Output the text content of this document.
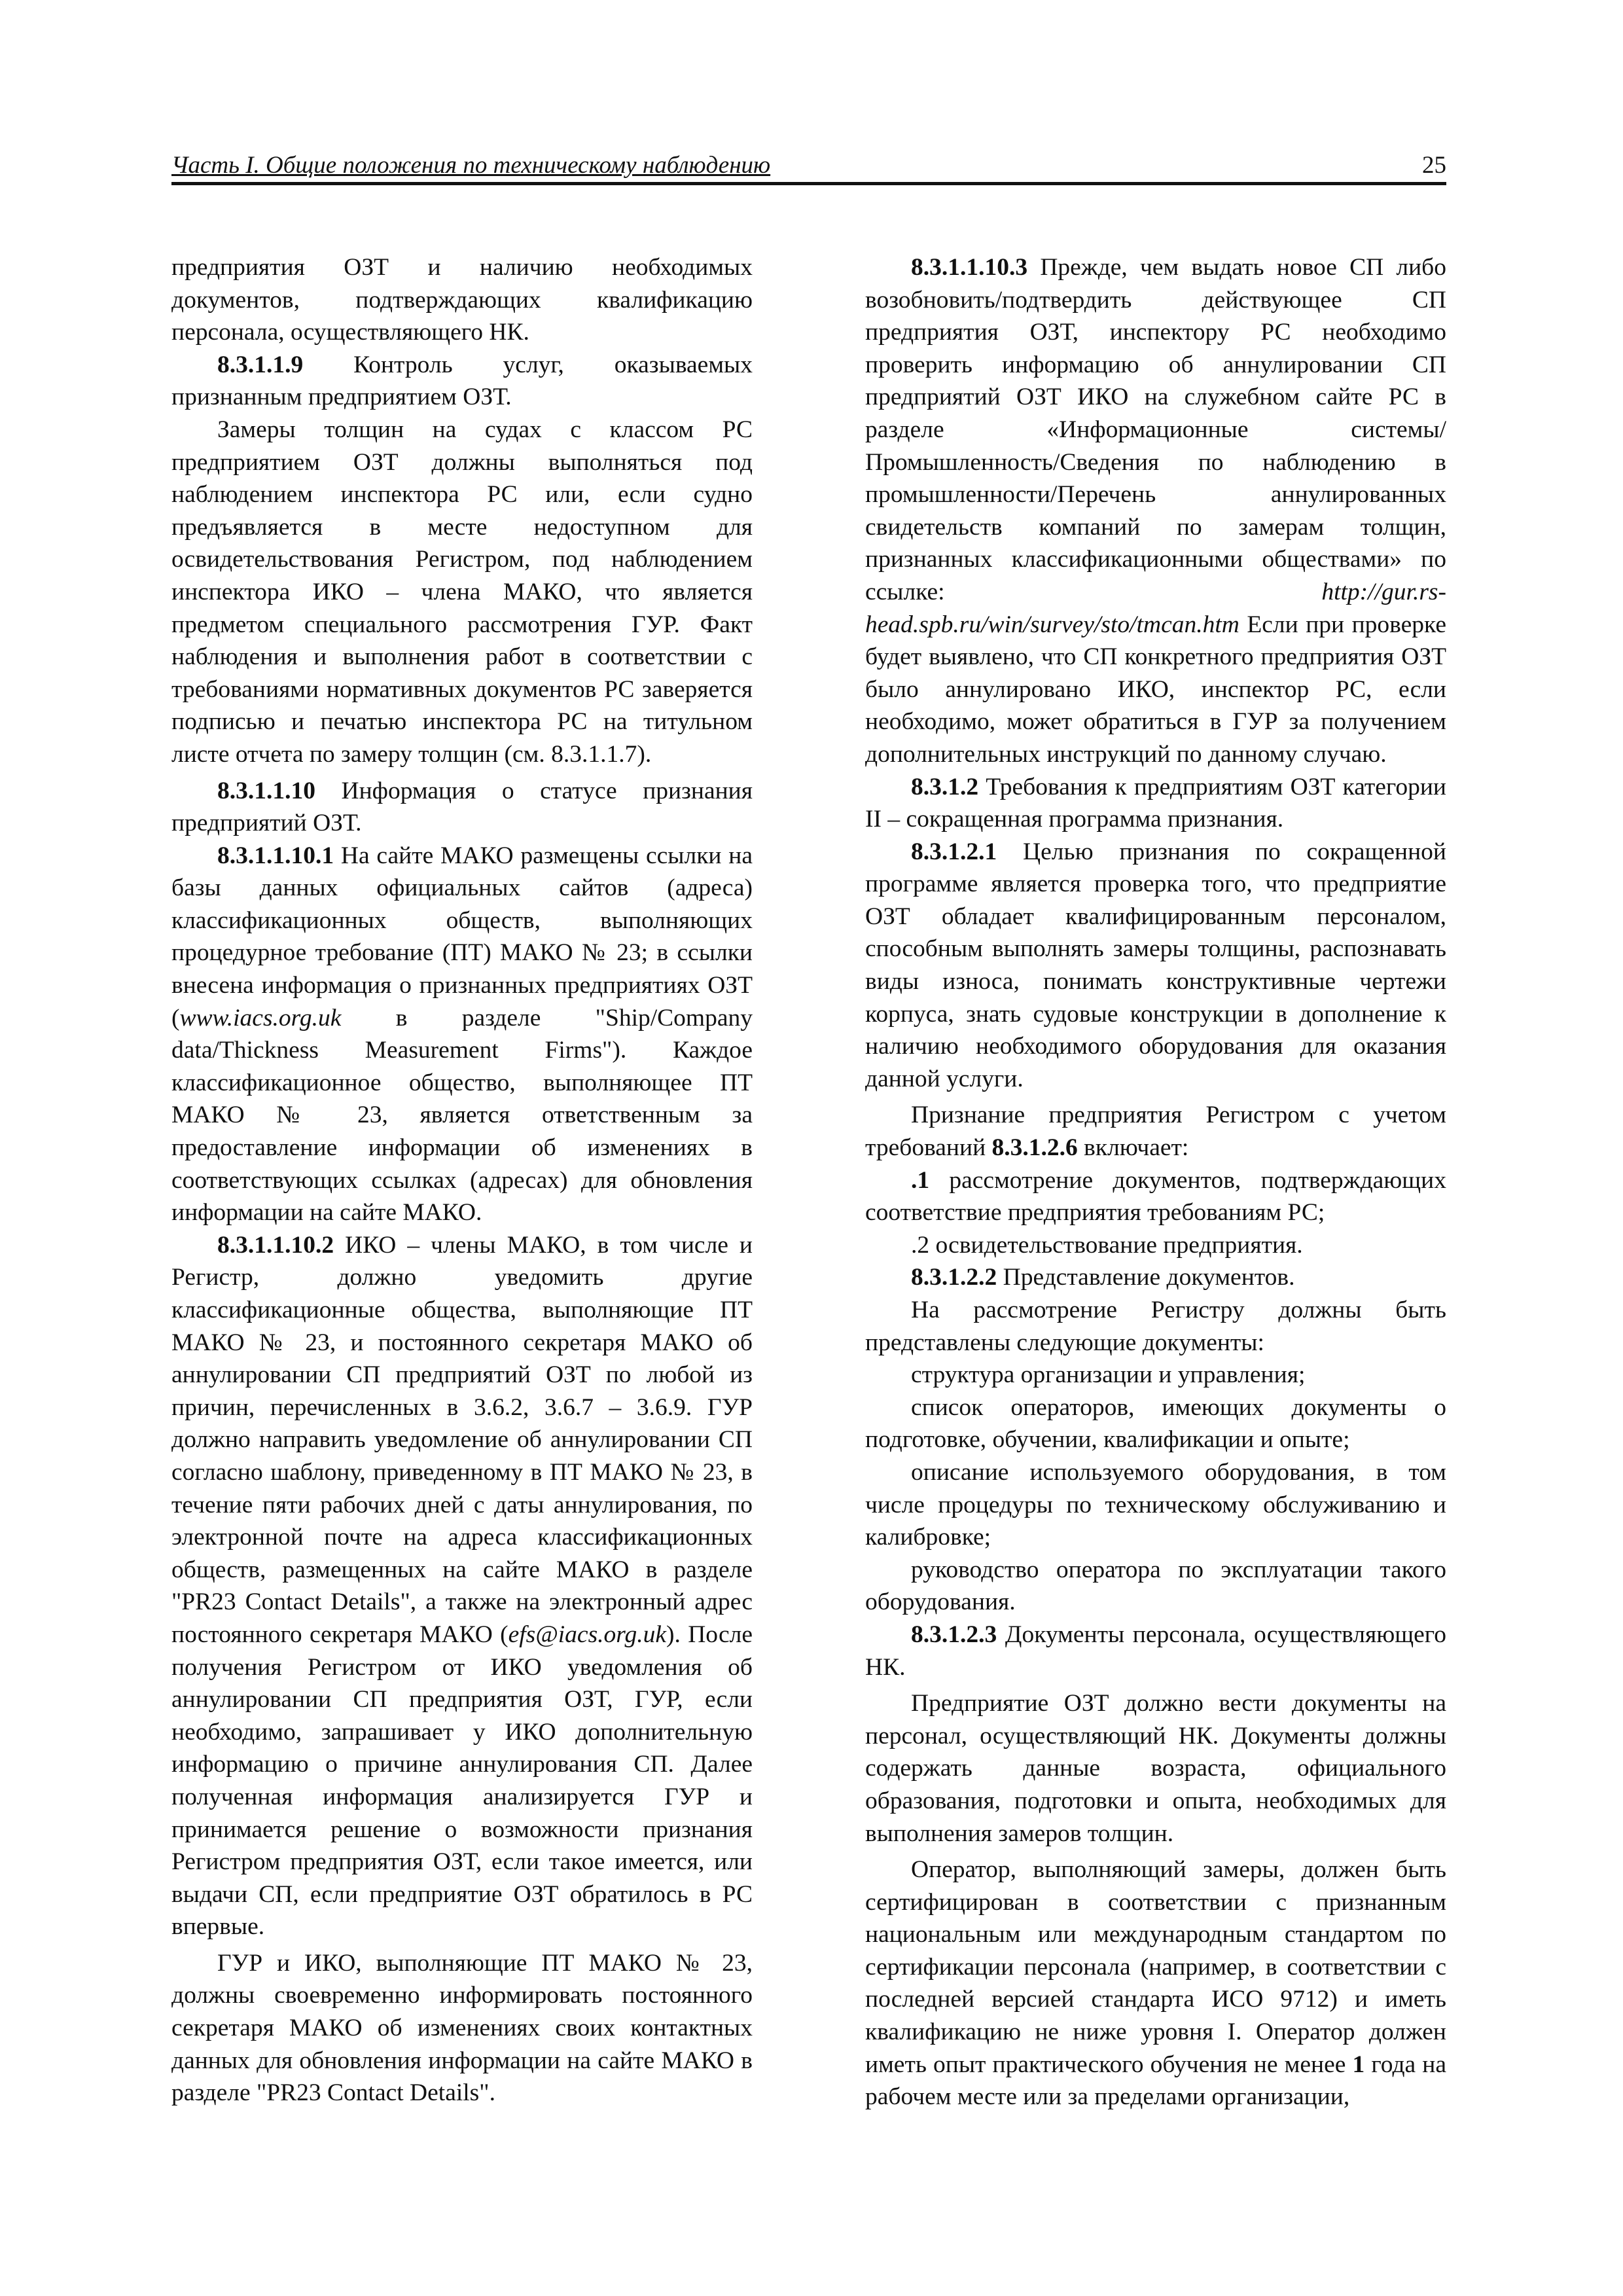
Часть I. Общие положения по техническому наблюдению	25

предприятия ОЗТ и наличию необходимых документов, подтверждающих квалификацию персонала, осуществляющего НК.

8.3.1.1.9 Контроль услуг, оказываемых признанным предприятием ОЗТ.

Замеры толщин на судах с классом РС предприятием ОЗТ должны выполняться под наблюдением инспектора РС или, если судно предъявляется в месте недоступном для освидетельствования Регистром, под наблюдением инспектора ИКО – члена МАКО, что является предметом специального рассмотрения ГУР. Факт наблюдения и выполнения работ в соответствии с требованиями нормативных документов РС заверяется подписью и печатью инспектора РС на титульном листе отчета по замеру толщин (см. 8.3.1.1.7).

8.3.1.1.10 Информация о статусе признания предприятий ОЗТ.

8.3.1.1.10.1 На сайте МАКО размещены ссылки на базы данных официальных сайтов (адреса) классификационных обществ, выполняющих процедурное требование (ПТ) МАКО № 23; в ссылки внесена информация о признанных предприятиях ОЗТ (www.iacs.org.uk в разделе "Ship/Company data/Thickness Measurement Firms"). Каждое классификационное общество, выполняющее ПТ МАКО № 23, является ответственным за предоставление информации об изменениях в соответствующих ссылках (адресах) для обновления информации на сайте МАКО.

8.3.1.1.10.2 ИКО – члены МАКО, в том числе и Регистр, должно уведомить другие классификационные общества, выполняющие ПТ МАКО № 23, и постоянного секретаря МАКО об аннулировании СП предприятий ОЗТ по любой из причин, перечисленных в 3.6.2, 3.6.7 – 3.6.9. ГУР должно направить уведомление об аннулировании СП согласно шаблону, приведенному в ПТ МАКО № 23, в течение пяти рабочих дней с даты аннулирования, по электронной почте на адреса классификационных обществ, размещенных на сайте МАКО в разделе "PR23 Contact Details", а также на электронный адрес постоянного секретаря МАКО (efs@iacs.org.uk). После получения Регистром от ИКО уведомления об аннулировании СП предприятия ОЗТ, ГУР, если необходимо, запрашивает у ИКО дополнительную информацию о причине аннулирования СП. Далее полученная информация анализируется ГУР и принимается решение о возможности признания Регистром предприятия ОЗТ, если такое имеется, или выдачи СП, если предприятие ОЗТ обратилось в РС впервые.

ГУР и ИКО, выполняющие ПТ МАКО № 23, должны своевременно информировать постоянного секретаря МАКО об изменениях своих контактных данных для обновления информации на сайте МАКО в разделе "PR23 Contact Details".

8.3.1.1.10.3 Прежде, чем выдать новое СП либо возобновить/подтвердить действующее СП предприятия ОЗТ, инспектору РС необходимо проверить информацию об аннулировании СП предприятий ОЗТ ИКО на служебном сайте РС в разделе «Информационные системы/Промышленность/Сведения по наблюдению в промышленности/Перечень аннулированных свидетельств компаний по замерам толщин, признанных классификационными обществами» по ссылке: http://gur.rs-head.spb.ru/win/survey/sto/tmcan.htm Если при проверке будет выявлено, что СП конкретного предприятия ОЗТ было аннулировано ИКО, инспектор РС, если необходимо, может обратиться в ГУР за получением дополнительных инструкций по данному случаю.

8.3.1.2 Требования к предприятиям ОЗТ категории II – сокращенная программа признания.

8.3.1.2.1 Целью признания по сокращенной программе является проверка того, что предприятие ОЗТ обладает квалифицированным персоналом, способным выполнять замеры толщины, распознавать виды износа, понимать конструктивные чертежи корпуса, знать судовые конструкции в дополнение к наличию необходимого оборудования для оказания данной услуги.

Признание предприятия Регистром с учетом требований 8.3.1.2.6 включает:

.1 рассмотрение документов, подтверждающих соответствие предприятия требованиям РС;

.2 освидетельствование предприятия.

8.3.1.2.2 Представление документов.

На рассмотрение Регистру должны быть представлены следующие документы:

структура организации и управления;

список операторов, имеющих документы о подготовке, обучении, квалификации и опыте;

описание используемого оборудования, в том числе процедуры по техническому обслуживанию и калибровке;

руководство оператора по эксплуатации такого оборудования.

8.3.1.2.3 Документы персонала, осуществляющего НК.

Предприятие ОЗТ должно вести документы на персонал, осуществляющий НК. Документы должны содержать данные возраста, официального образования, подготовки и опыта, необходимых для выполнения замеров толщин.

Оператор, выполняющий замеры, должен быть сертифицирован в соответствии с признанным национальным или международным стандартом по сертификации персонала (например, в соответствии с последней версией стандарта ИСО 9712) и иметь квалификацию не ниже уровня I. Оператор должен иметь опыт практического обучения не менее 1 года на рабочем месте или за пределами организации,
